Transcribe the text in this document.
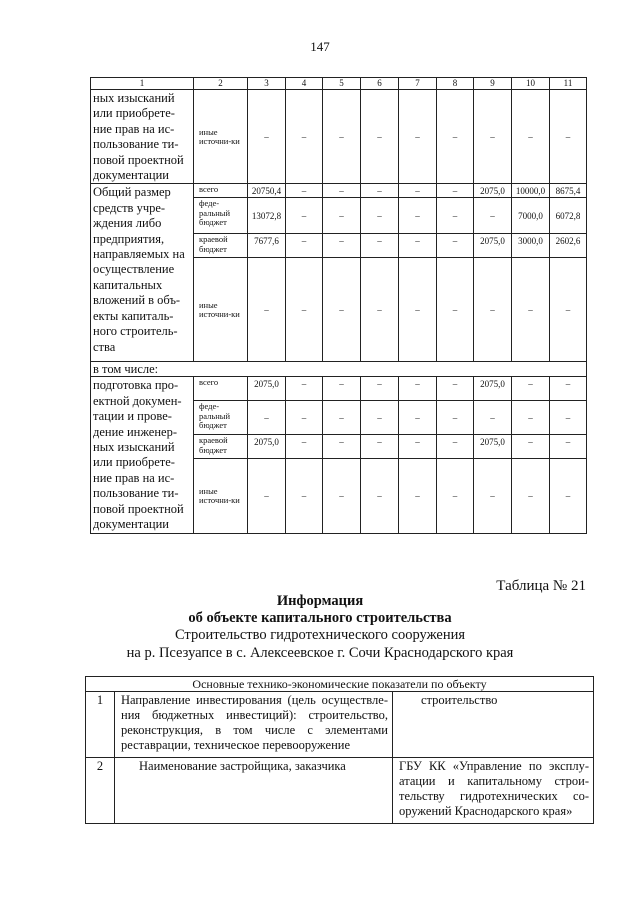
147
1	2	3	4	5	6	7	8	9	10	11
ных изысканий или приобрете-ние прав на ис-пользование ти-повой проектной документации	иные источни-ки	–	–	–	–	–	–	–	–	–
Общий размер средств учре-ждения либо предприятия, направляемых на осуществление капитальных вложений в объ-екты капиталь-ного строитель-ства	всего	20750,4	–	–	–	–	–	2075,0	10000,0	8675,4
	феде-ральный бюджет	13072,8	–	–	–	–	–	–	7000,0	6072,8
	краевой бюджет	7677,6	–	–	–	–	–	2075,0	3000,0	2602,6
	иные источни-ки	–	–	–	–	–	–	–	–	–
в том числе:										
подготовка про-ектной докумен-тации и прове-дение инженер-ных изысканий или приобрете-ние прав на ис-пользование ти-повой проектной документации	всего	2075,0	–	–	–	–	–	2075,0	–	–
	феде-ральный бюджет	–	–	–	–	–	–	–	–	–
	краевой бюджет	2075,0	–	–	–	–	–	2075,0	–	–
	иные источни-ки	–	–	–	–	–	–	–	–	–
Таблица № 21
Информация
об объекте капитального строительства
Строительство гидротехнического сооружения
на р. Псезуапсе в с. Алексеевское г. Сочи Краснодарского края
Основные технико-экономические показатели по объекту		
1	Направление инвестирования (цель осуществле-ния бюджетных инвестиций): строительство, реконструкция, в том числе с элементами реставрации, техническое перевооружение	строительство
2	Наименование застройщика, заказчика	ГБУ КК «Управление по эксплу-атации и капитальному строи-тельству гидротехнических со-оружений Краснодарского края»
